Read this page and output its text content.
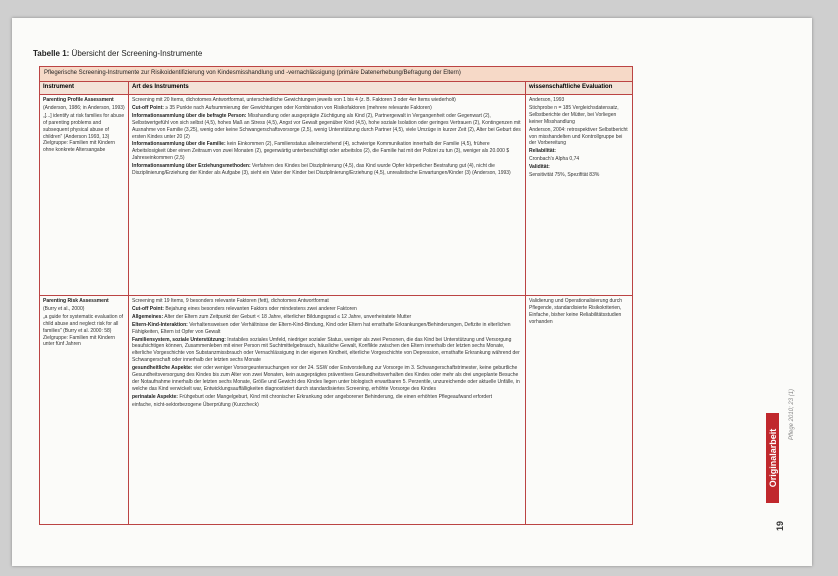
Tabelle 1: Übersicht der Screening-Instrumente
Pflegerische Screening-Instrumente zur Risikoidentifizierung von Kindesmisshandlung und -vernachlässigung (primäre Datenerhebung/Befragung der Eltern)
Instrument	Art des Instruments	wissenschaftliche Evaluation

Parenting Profile Assessment

(Anderson, 1986; in Anderson, 1993)

„[...] identify at risk families for abuse of parenting problems and subsequent physical abuse of children" (Anderson 1993, 13) Zielgruppe: Familien mit Kindern ohne konkrete Altersangabe

Screening mit 20 Items, dichotomes Antwortformat, unterschiedliche Gewichtungen jeweils von 1 bis 4 (z. B. Faktoren 3 oder 4er Items wiederholt)

Cut-off Point: ≥ 35 Punkte nach Aufsummierung der Gewichtungen oder Kombination von Risikofaktoren (mehrere relevante Faktoren)

Informationsammlung über die befragte Person: Misshandlung oder ausgeprägte Züchtigung als Kind (2), Partnergewalt in Vergangenheit oder Gegenwart (2), Selbstwertgefühl von sich selbst (4,5), hohes Maß an Stress (4,5), Angst vor Gewalt gegenüber Kind (4,5), hohe soziale Isolation oder geringes Vertrauen (2), Kontingenzen mit Ausnahme von Familie (3,25), wenig oder keine Schwangerschaftsvorsorge (2,5), wenig Unterstützung durch Partner (4,5), viele Umzüge in kurzer Zeit (2), Alter bei Geburt des ersten Kindes unter 20 (2)

Informationsammlung über die Familie: kein Einkommen (2), Familienstatus alleinerziehend (4), schwierige Kommunikation innerhalb der Familie (4,5), frühere Arbeitslosigkeit über einen Zeitraum von zwei Monaten (2), gegenwärtig unterbeschäftigt oder arbeitslos (2), die Familie hat mit der Polizei zu tun (3), weniger als 20.000 $ Jahreseinkommen (2,5)

Informationsammlung über Erziehungsmethoden: Verfahren des Kindes bei Disziplinierung (4,5), das Kind wurde Opfer körperlicher Bestrafung gut (4), nicht die Disziplinierung/Erziehung der Kinder als Aufgabe (3), sieht ein Vater der Kinder bei Disziplinierung/Erziehung (4,5), unrealistische Erwartungen/Kinder (3) (Anderson, 1993)

Anderson, 1993

Stichprobe n = 185 Vergleichsdatensatz, Selbstberichte der Mütter, bei Vorliegen keiner Misshandlung

Anderson, 2004: retrospektiver Selbstbericht von misshandelten und Kontrollgruppe bei der Vorbereitung

Reliabilität:

Cronbach's Alpha 0,74

Validität:

Sensitivität 75%, Spezifität 83%

Parenting Risk Assessment

(Burry et al., 2000)

„a guide for systematic evaluation of child abuse and neglect risk for all families" (Burry et al. 2000: 58) Zielgruppe: Familien mit Kindern unter fünf Jahren

Screening mit 19 Items, 9 besonders relevante Faktoren (fett), dichotomes Antwortformat

Cut-off Point: Bejahung eines besonders relevanten Faktors oder mindestens zwei anderer Faktoren

Allgemeines: Alter der Eltern zum Zeitpunkt der Geburt < 18 Jahre, elterlicher Bildungsgrad ≤ 12 Jahre, unverheiratete Mutter

Eltern-Kind-Interaktion: Verhaltensweisen oder Verhältnisse der Eltern-Kind-Bindung, Kind oder Eltern hat ernsthafte Erkrankungen/Behinderungen, Defizite in elterlichen Fähigkeiten, Eltern ist Opfer von Gewalt

Familiensystem, soziale Unterstützung: Instabiles soziales Umfeld, niedriger sozialer Status, weniger als zwei Personen, die das Kind bei Unterstützung und Versorgung beaufsichtigen können, Zusammenleben mit einer Person mit Suchtmittelgebrauch, häusliche Gewalt, Konflikte zwischen den Eltern innerhalb der letzten sechs Monate, elterliche Vorgeschichte von Substanzmissbrauch oder Vernachlässigung in der eigenen Kindheit, elterliche Vorgeschichte von Depression, ernsthafte Erkrankung während der Schwangerschaft oder innerhalb der letzten sechs Monate

gesundheitliche Aspekte: vier oder weniger Vorsorgeuntersuchungen vor der 24. SSW oder Erstvorstellung zur Vorsorge im 3. Schwangerschaftstrimester, keine geburtliche Gesundheitsversorgung des Kindes bis zum Alter von zwei Monaten, kein ausgeprägtes präventives Gesundheitsverhalten des Kindes oder mehr als drei ungeplante Besuche der Notaufnahme innerhalb der letzten sechs Monate, Größe und Gewicht des Kindes liegen unter biologisch erwartbaren 5. Perzentile, unzureichende oder aktuelle Unfälle, in welche das Kind verwickelt war, Entwicklungsauffälligkeiten diagnostiziert durch standardisiertes Screening, erhöhte Vorsorge des Kindes

perinatale Aspekte: Frühgeburt oder Mangelgeburt, Kind mit chronischer Erkrankung oder angeborener Behinderung, die einen erhöhten Pflegeaufwand erfordert

einfache, nicht-sektorbezogene Überprüfung (Kurzcheck)

Validierung und Operationalisierung durch Pflegende, standardisierte Risikokriterien, Einfache, bisher keine Reliabilitätsstudien vorhanden

Originalarbeit
Pflege 2010; 23 (1)
19
